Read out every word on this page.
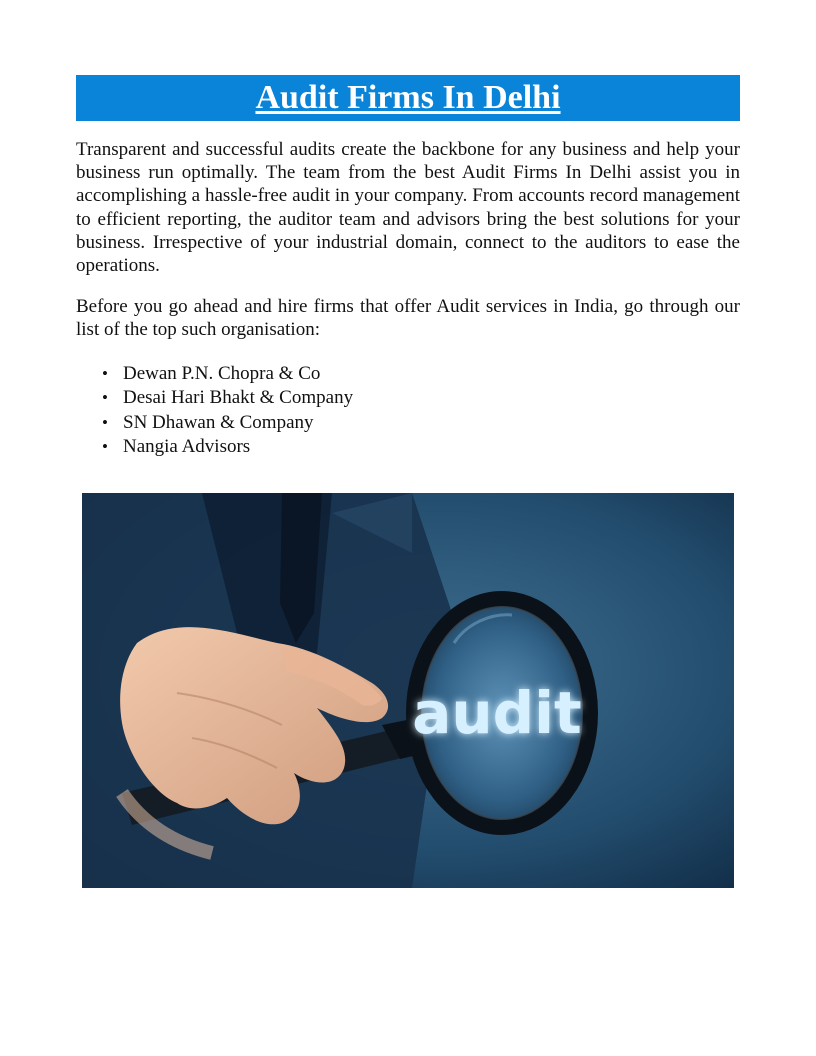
Audit Firms In Delhi

Transparent and successful audits create the backbone for any business and help your business run optimally. The team from the best Audit Firms In Delhi assist you in accomplishing a hassle-free audit in your company. From accounts record management to efficient reporting, the auditor team and advisors bring the best solutions for your business. Irrespective of your industrial domain, connect to the auditors to ease the operations.

Before you go ahead and hire firms that offer Audit services in India, go through our list of the top such organisation:

• Dewan P.N. Chopra & Co
• Desai Hari Bhakt & Company
• SN Dhawan & Company
• Nangia Advisors
audit
